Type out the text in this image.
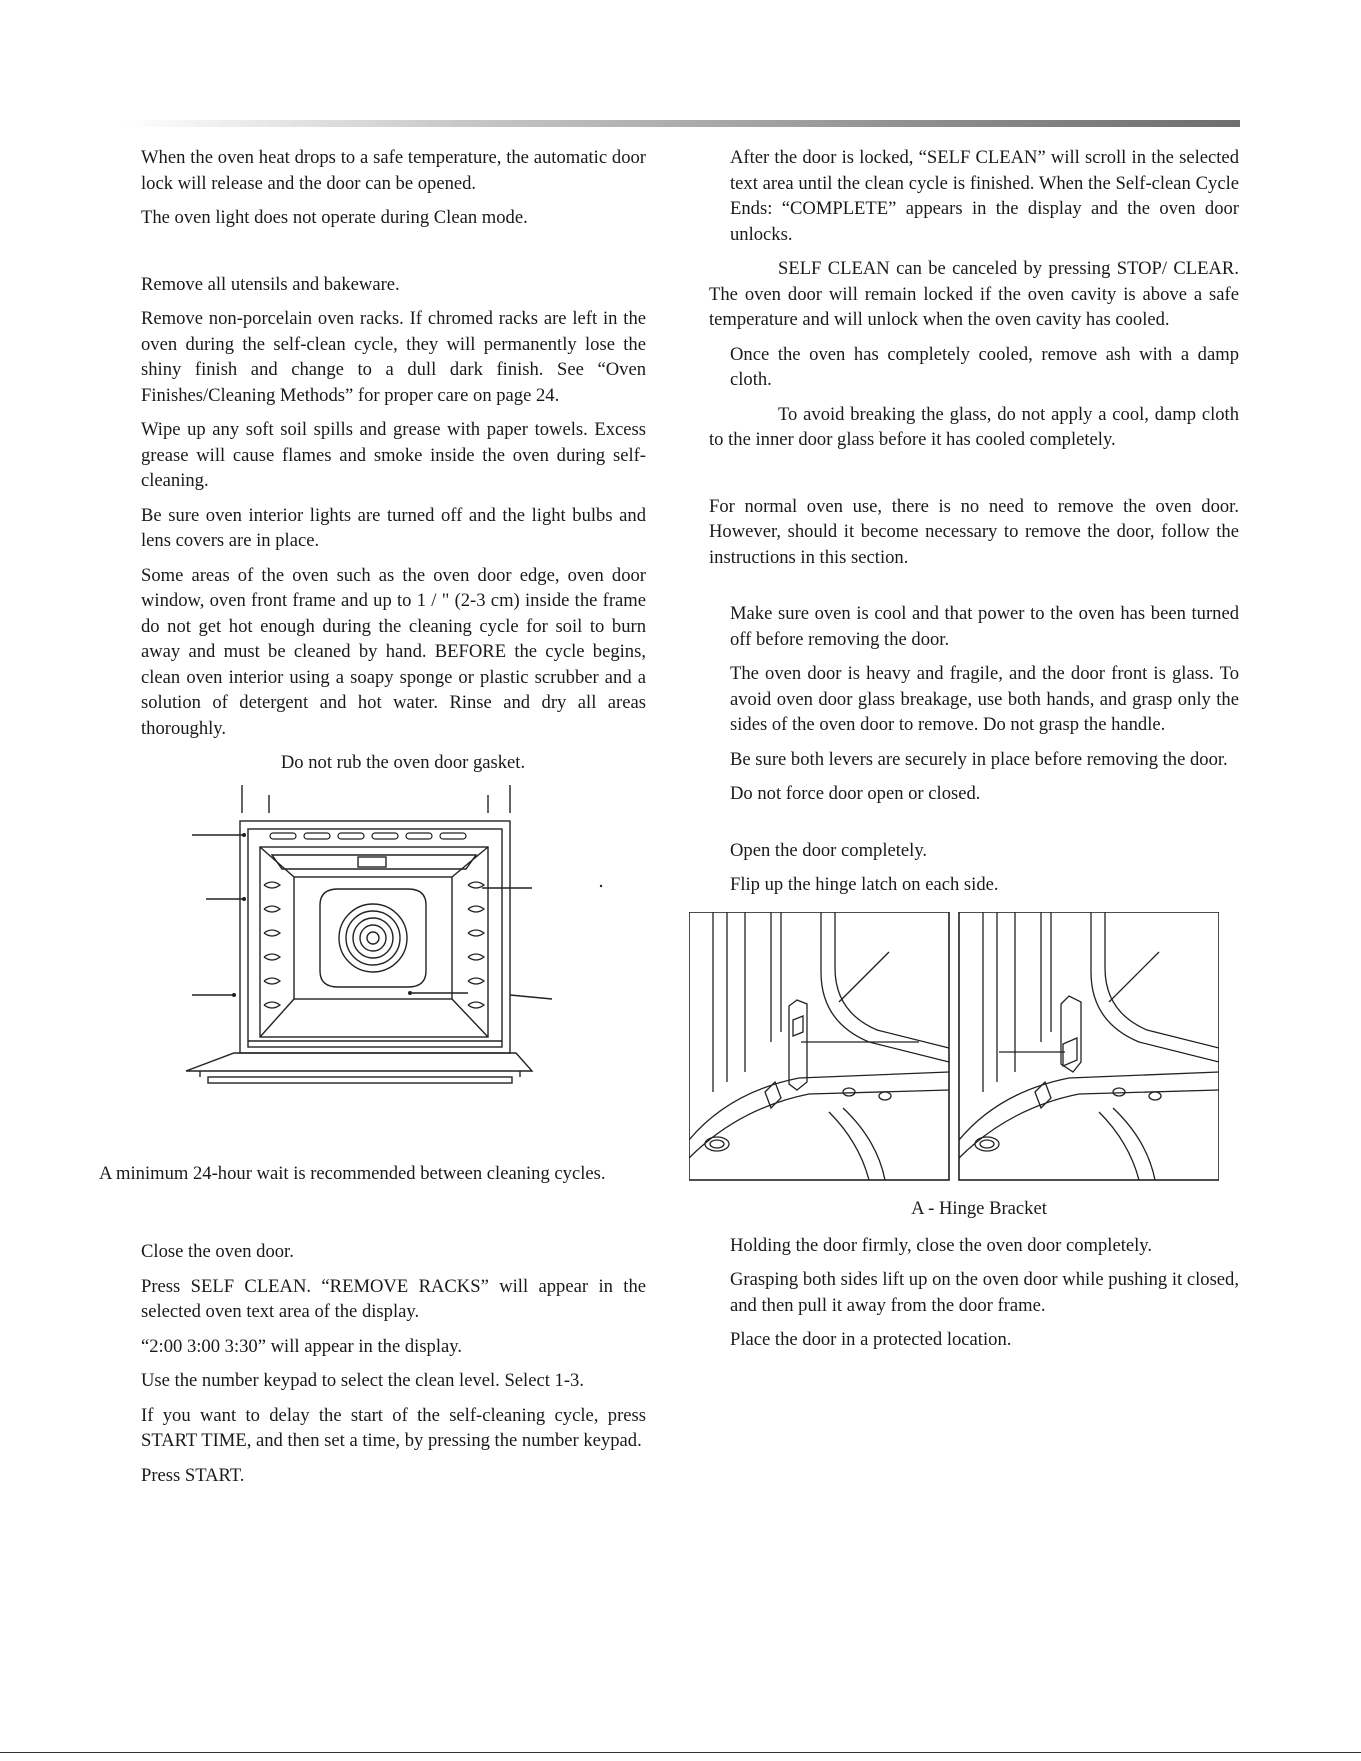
When the oven heat drops to a safe temperature, the automatic door lock will release and the door can be opened.

The oven light does not operate during Clean mode.

Remove all utensils and bakeware.

Remove non-porcelain oven racks. If chromed racks are left in the oven during the self-clean cycle, they will permanently lose the shiny finish and change to a dull dark finish. See “Oven Finishes/Cleaning Methods” for proper care on page 24.

Wipe up any soft soil spills and grease with paper towels. Excess grease will cause flames and smoke inside the oven during self-cleaning.

Be sure oven interior lights are turned off and the light bulbs and lens covers are in place.

Some areas of the oven such as the oven door edge, oven door window, oven front frame and up to 1 / " (2-3 cm) inside the frame do not get hot enough during the cleaning cycle for soil to burn away and must be cleaned by hand. BEFORE the cycle begins, clean oven interior using a soapy sponge or plastic scrubber and a solution of detergent and hot water. Rinse and dry all areas thoroughly.

Do not rub the oven door gasket.

A minimum 24-hour wait is recommended between cleaning cycles.

Close the oven door.

Press SELF CLEAN. “REMOVE RACKS” will appear in the selected oven text area of the display.

“2:00 3:00 3:30” will appear in the display.

Use the number keypad to select the clean level. Select 1-3.

If you want to delay the start of the self-cleaning cycle, press START TIME, and then set a time, by pressing the number keypad.

Press START.

After the door is locked, “SELF CLEAN” will scroll in the selected text area until the clean cycle is finished. When the Self-clean Cycle Ends: “COMPLETE” appears in the display and the oven door unlocks.

SELF CLEAN can be canceled by pressing STOP/ CLEAR. The oven door will remain locked if the oven cavity is above a safe temperature and will unlock when the oven cavity has cooled.

Once the oven has completely cooled, remove ash with a damp cloth.

To avoid breaking the glass, do not apply a cool, damp cloth to the inner door glass before it has cooled completely.

For normal oven use, there is no need to remove the oven door. However, should it become necessary to remove the door, follow the instructions in this section.

Make sure oven is cool and that power to the oven has been turned off before removing the door.

The oven door is heavy and fragile, and the door front is glass. To avoid oven door glass breakage, use both hands, and grasp only the sides of the oven door to remove. Do not grasp the handle.

Be sure both levers are securely in place before removing the door.

Do not force door open or closed.

Open the door completely.

Flip up the hinge latch on each side.

A - Hinge Bracket

Holding the door firmly, close the oven door completely.

Grasping both sides lift up on the oven door while pushing it closed, and then pull it away from the door frame.

Place the door in a protected location.
